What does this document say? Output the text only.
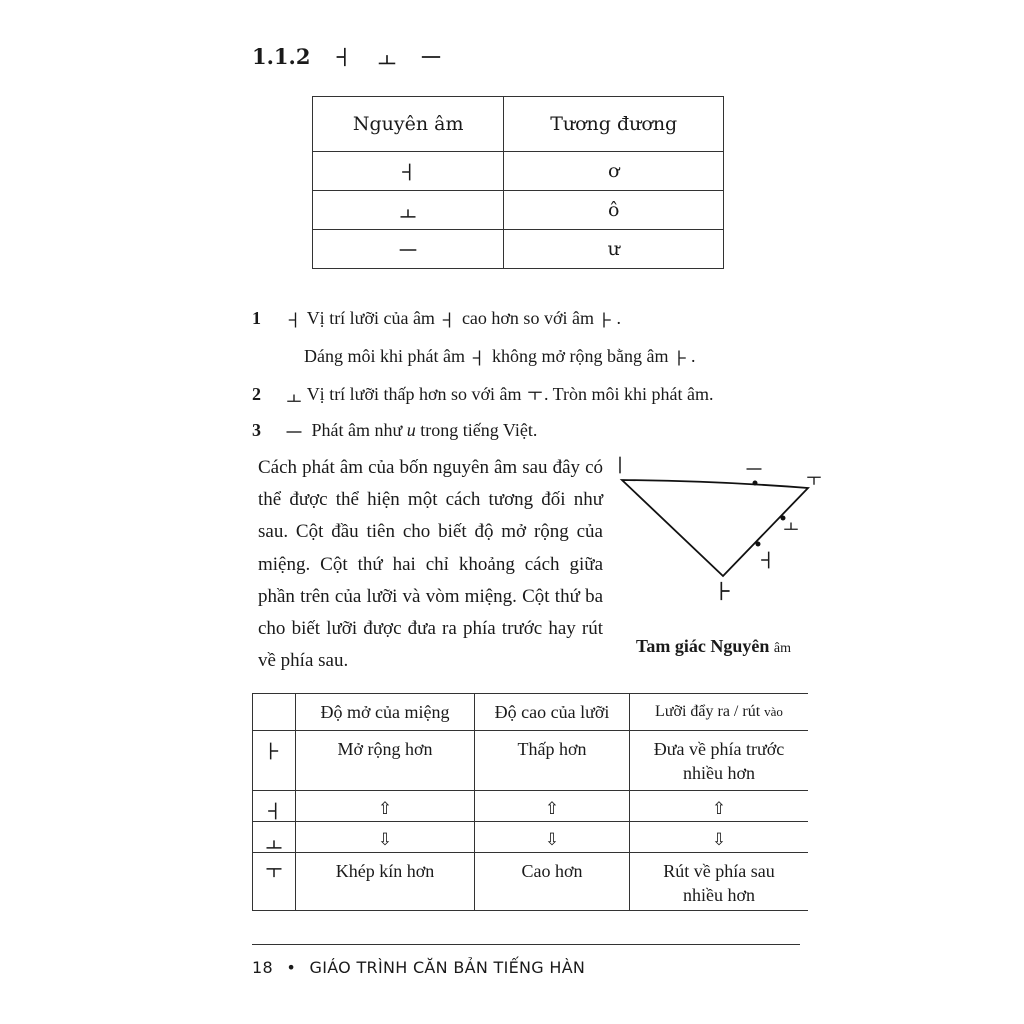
1.1.2
Nguyên âm	Tương đương

	ơ

	ô

	ư
1	Vị trí lưỡi của âm cao hơn so với âm .
Dáng môi khi phát âm không mở rộng bằng âm .
2	Vị trí lưỡi thấp hơn so với âm . Tròn môi khi phát âm.
3	Phát âm như u trong tiếng Việt.
Cách phát âm của bốn nguyên âm sau đây có thể được thể hiện một cách tương đối như sau. Cột đầu tiên cho biết độ mở rộng của miệng. Cột thứ hai chỉ khoảng cách giữa phần trên của lưỡi và vòm miệng. Cột thứ ba cho biết lưỡi được đưa ra phía trước hay rút về phía sau.
Tam giác Nguyên âm
	Độ mở của miệng	Độ cao của lưỡi	Lưỡi đẩy ra / rút vào

	Mở rộng hơn	Thấp hơn	Đưa về phía trước nhiều hơn

	⇧	⇧	⇧

	⇩	⇩	⇩

	Khép kín hơn	Cao hơn	Rút về phía sau nhiều hơn
18 • GIÁO TRÌNH CĂN BẢN TIẾNG HÀN
